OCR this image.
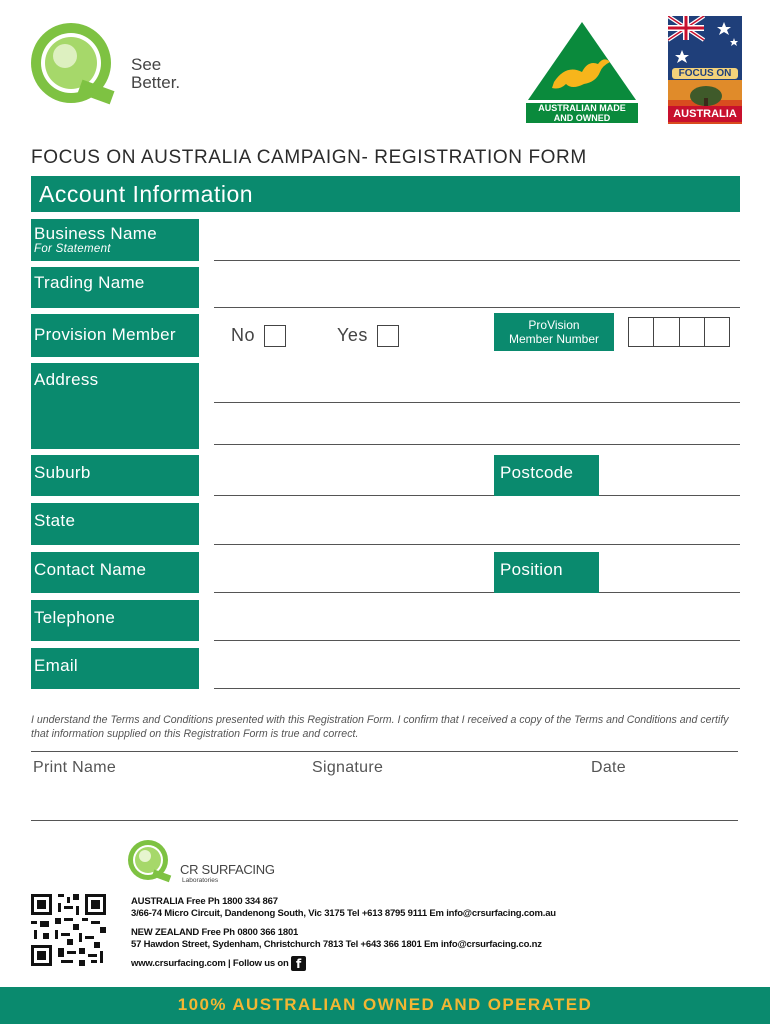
See
Better.
AUSTRALIAN MADE
AND OWNED
FOCUS ON
AUSTRALIA
FOCUS ON AUSTRALIA CAMPAIGN- REGISTRATION FORM
Account Information
Business Name
For Statement
Trading Name
Provision Member	No	Yes	ProVision
Member Number
Address
Suburb	Postcode
State
Contact Name	Position
Telephone
Email
I understand the Terms and Conditions presented with this Registration Form. I confirm that I received a copy of the Terms and Conditions and certify that information supplied on this Registration Form is true and correct.
Print Name	Signature	Date
CR SURFACING
Laboratories
AUSTRALIA Free Ph 1800 334 867
3/66-74 Micro Circuit, Dandenong South, Vic 3175 Tel +613 8795 9111 Em info@crsurfacing.com.au
NEW ZEALAND Free Ph 0800 366 1801
57 Hawdon Street, Sydenham, Christchurch 7813 Tel +643 366 1801 Em info@crsurfacing.co.nz
www.crsurfacing.com | Follow us on f
100% AUSTRALIAN OWNED AND OPERATED
